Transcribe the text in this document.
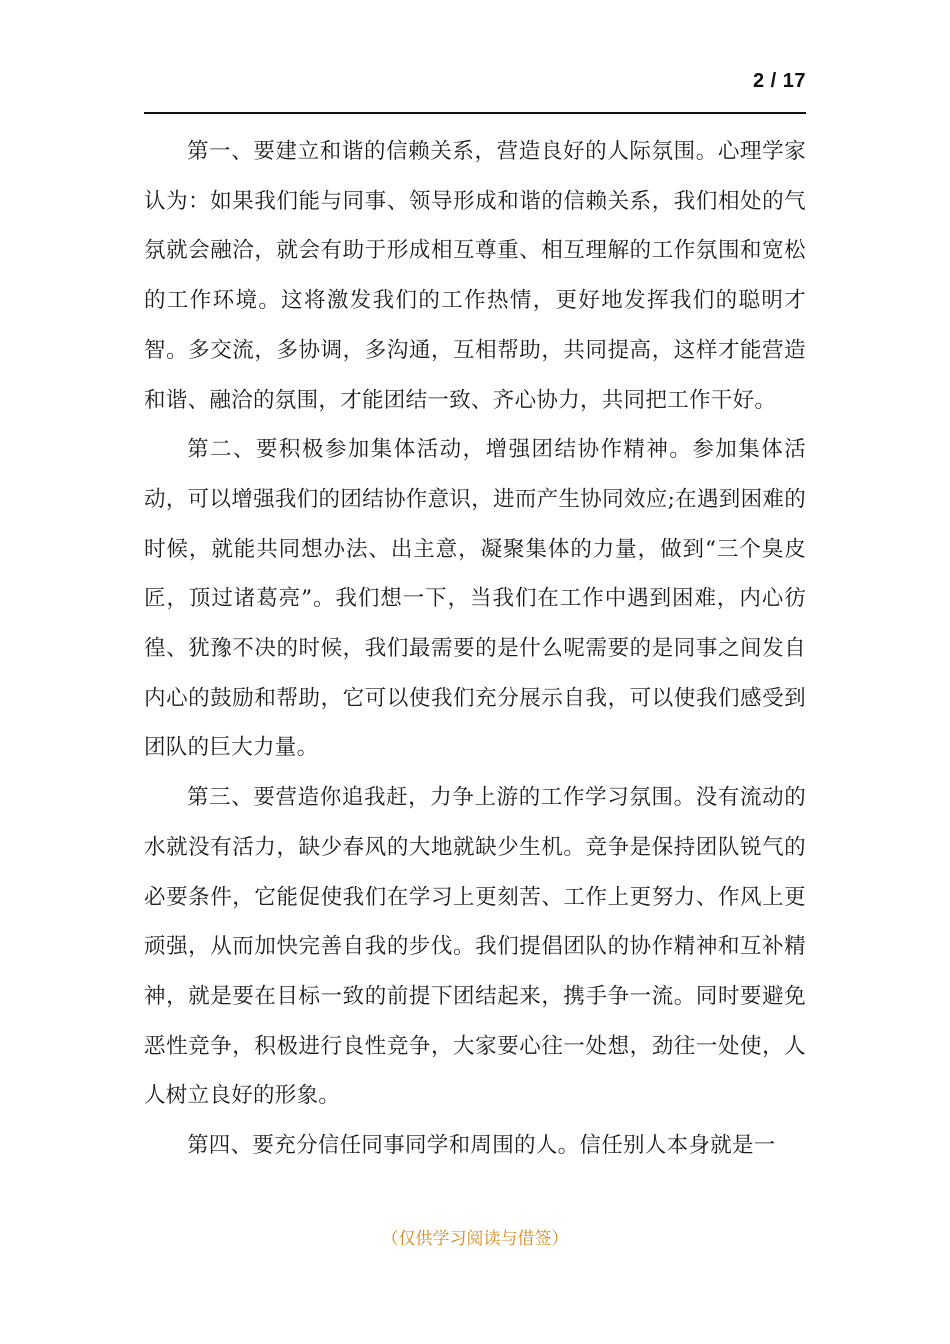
2 / 17

第一、要建立和谐的信赖关系，营造良好的人际氛围。心理学家认为：如果我们能与同事、领导形成和谐的信赖关系，我们相处的气氛就会融洽，就会有助于形成相互尊重、相互理解的工作氛围和宽松的工作环境。这将激发我们的工作热情，更好地发挥我们的聪明才智。多交流，多协调，多沟通，互相帮助，共同提高，这样才能营造和谐、融洽的氛围，才能团结一致、齐心协力，共同把工作干好。

第二、要积极参加集体活动，增强团结协作精神。参加集体活动，可以增强我们的团结协作意识，进而产生协同效应;在遇到困难的时候，就能共同想办法、出主意，凝聚集体的力量，做到“三个臭皮匠，顶过诸葛亮”。我们想一下，当我们在工作中遇到困难，内心彷徨、犹豫不决的时候，我们最需要的是什么呢需要的是同事之间发自内心的鼓励和帮助，它可以使我们充分展示自我，可以使我们感受到团队的巨大力量。

第三、要营造你追我赶，力争上游的工作学习氛围。没有流动的水就没有活力，缺少春风的大地就缺少生机。竞争是保持团队锐气的必要条件，它能促使我们在学习上更刻苦、工作上更努力、作风上更顽强，从而加快完善自我的步伐。我们提倡团队的协作精神和互补精神，就是要在目标一致的前提下团结起来，携手争一流。同时要避免恶性竞争，积极进行良性竞争，大家要心往一处想，劲往一处使，人人树立良好的形象。

第四、要充分信任同事同学和周围的人。信任别人本身就是一

（仅供学习阅读与借签）
